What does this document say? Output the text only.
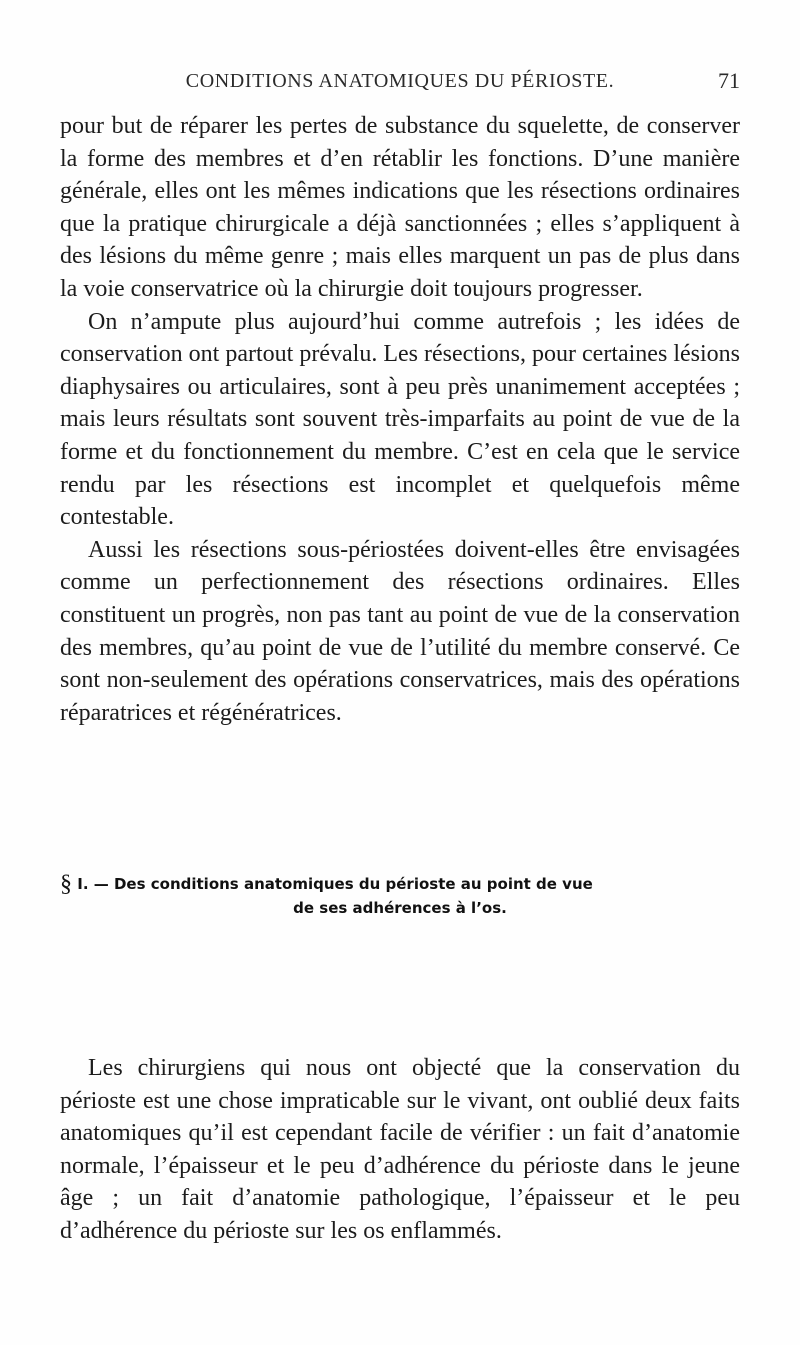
CONDITIONS ANATOMIQUES DU PÉRIOSTE.	71

pour but de réparer les pertes de substance du squelette, de conserver la forme des membres et d’en rétablir les fonctions. D’une manière générale, elles ont les mêmes indications que les résections ordinaires que la pratique chirurgicale a déjà sanctionnées ; elles s’appliquent à des lésions du même genre ; mais elles marquent un pas de plus dans la voie conservatrice où la chirurgie doit toujours progresser.

On n’ampute plus aujourd’hui comme autrefois ; les idées de conservation ont partout prévalu. Les résections, pour certaines lésions diaphysaires ou articulaires, sont à peu près unanimement acceptées ; mais leurs résultats sont souvent très-imparfaits au point de vue de la forme et du fonctionnement du membre. C’est en cela que le service rendu par les résections est incomplet et quelquefois même contestable.

Aussi les résections sous-périostées doivent-elles être envisagées comme un perfectionnement des résections ordinaires. Elles constituent un progrès, non pas tant au point de vue de la conservation des membres, qu’au point de vue de l’utilité du membre conservé. Ce sont non-seulement des opérations conservatrices, mais des opérations réparatrices et régénératrices.

§ I. — Des conditions anatomiques du périoste au point de vue
de ses adhérences à l’os.

Les chirurgiens qui nous ont objecté que la conservation du périoste est une chose impraticable sur le vivant, ont oublié deux faits anatomiques qu’il est cependant facile de vérifier : un fait d’anatomie normale, l’épaisseur et le peu d’adhérence du périoste dans le jeune âge ; un fait d’anatomie pathologique, l’épaisseur et le peu d’adhérence du périoste sur les os enflammés.
